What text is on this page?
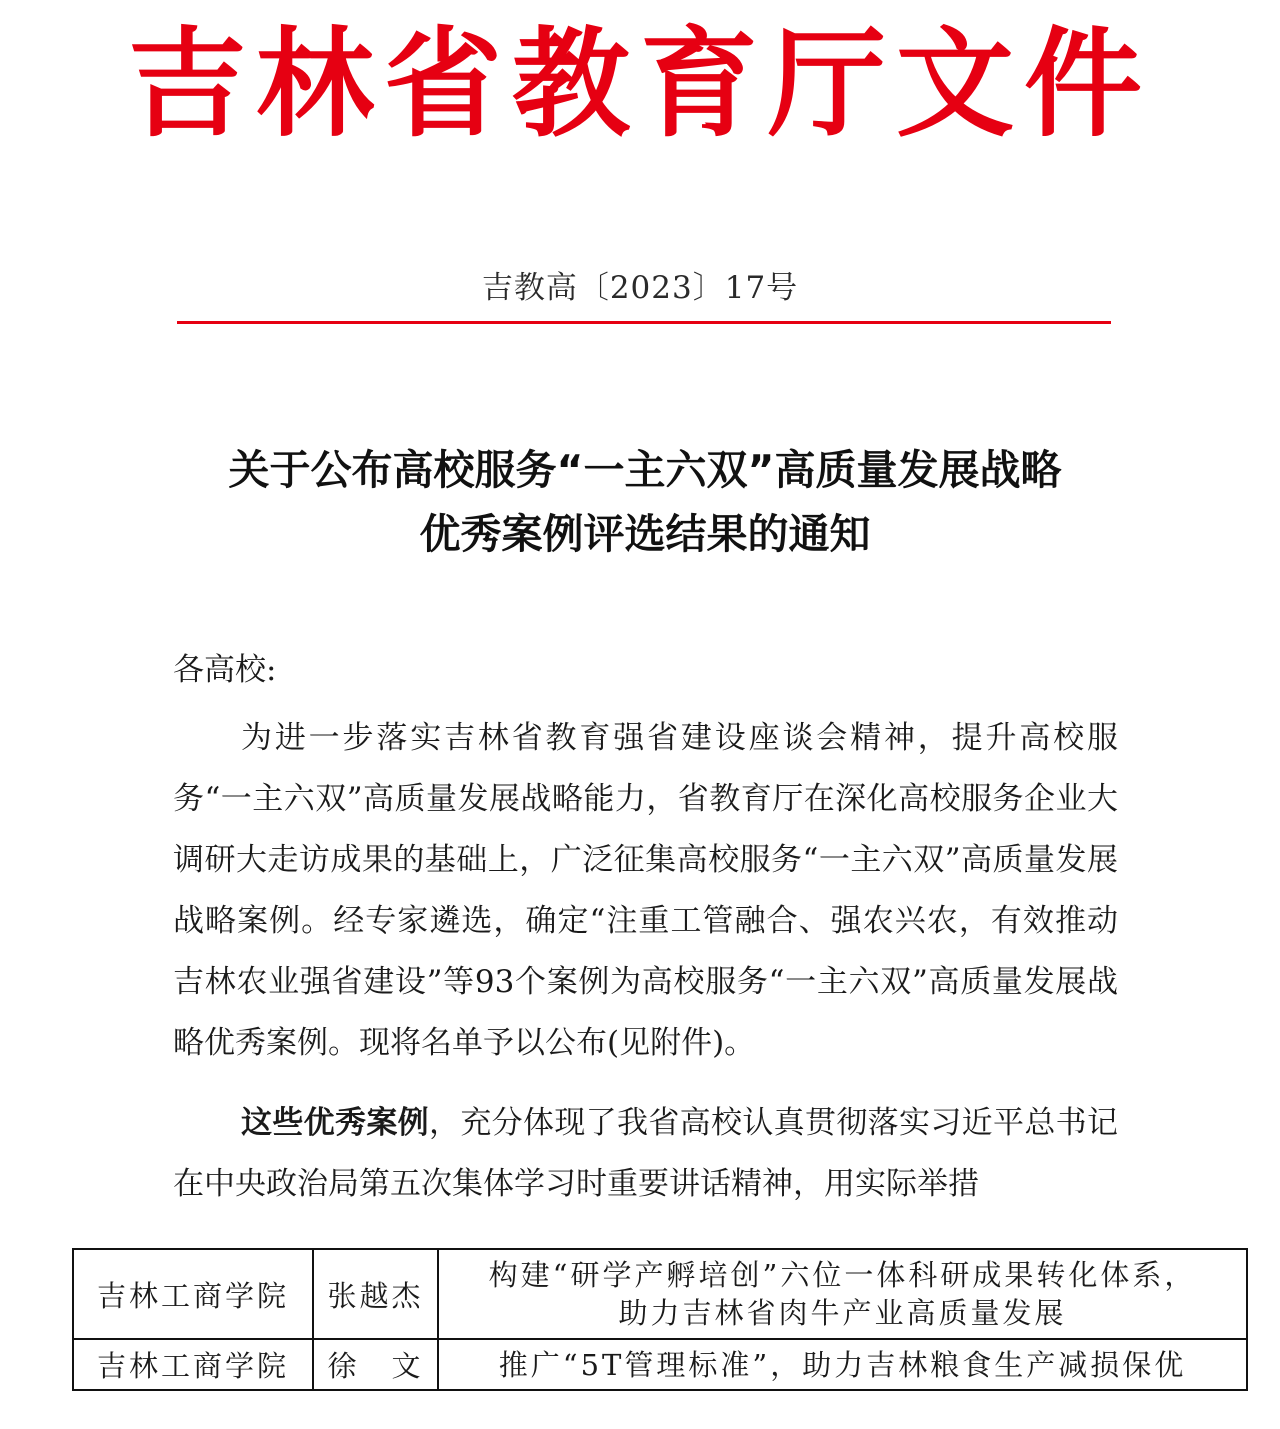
吉林省教育厅文件
吉教高〔2023〕17号
关于公布高校服务“一主六双”高质量发展战略
优秀案例评选结果的通知
各高校:
为进一步落实吉林省教育强省建设座谈会精神，提升高校服务“一主六双”高质量发展战略能力，省教育厅在深化高校服务企业大调研大走访成果的基础上，广泛征集高校服务“一主六双”高质量发展战略案例。经专家遴选，确定“注重工管融合、强农兴农，有效推动吉林农业强省建设”等93个案例为高校服务“一主六双”高质量发展战略优秀案例。现将名单予以公布(见附件)。
这些优秀案例，充分体现了我省高校认真贯彻落实习近平总书记在中央政治局第五次集体学习时重要讲话精神，用实际举措
吉林工商学院	张越杰	构建“研学产孵培创”六位一体科研成果转化体系，
助力吉林省肉牛产业高质量发展

吉林工商学院	徐　文	推广“5T管理标准”，助力吉林粮食生产减损保优
